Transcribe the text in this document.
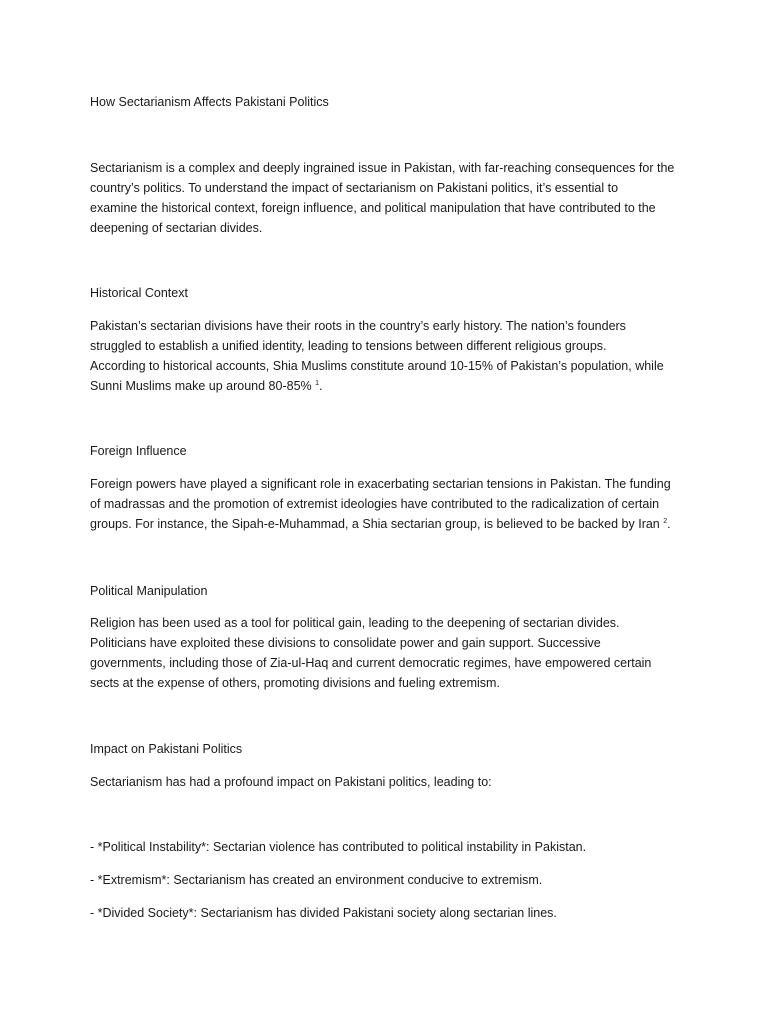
How Sectarianism Affects Pakistani Politics

Sectarianism is a complex and deeply ingrained issue in Pakistan, with far-reaching consequences for the
country’s politics. To understand the impact of sectarianism on Pakistani politics, it’s essential to
examine the historical context, foreign influence, and political manipulation that have contributed to the
deepening of sectarian divides.

Historical Context

Pakistan’s sectarian divisions have their roots in the country’s early history. The nation’s founders
struggled to establish a unified identity, leading to tensions between different religious groups.
According to historical accounts, Shia Muslims constitute around 10-15% of Pakistan’s population, while
Sunni Muslims make up around 80-85% $^1$.

Foreign Influence

Foreign powers have played a significant role in exacerbating sectarian tensions in Pakistan. The funding
of madrassas and the promotion of extremist ideologies have contributed to the radicalization of certain
groups. For instance, the Sipah-e-Muhammad, a Shia sectarian group, is believed to be backed by Iran $^2$.

Political Manipulation

Religion has been used as a tool for political gain, leading to the deepening of sectarian divides.
Politicians have exploited these divisions to consolidate power and gain support. Successive
governments, including those of Zia-ul-Haq and current democratic regimes, have empowered certain
sects at the expense of others, promoting divisions and fueling extremism.

Impact on Pakistani Politics

Sectarianism has had a profound impact on Pakistani politics, leading to:

- *Political Instability*: Sectarian violence has contributed to political instability in Pakistan.

- *Extremism*: Sectarianism has created an environment conducive to extremism.

- *Divided Society*: Sectarianism has divided Pakistani society along sectarian lines.
